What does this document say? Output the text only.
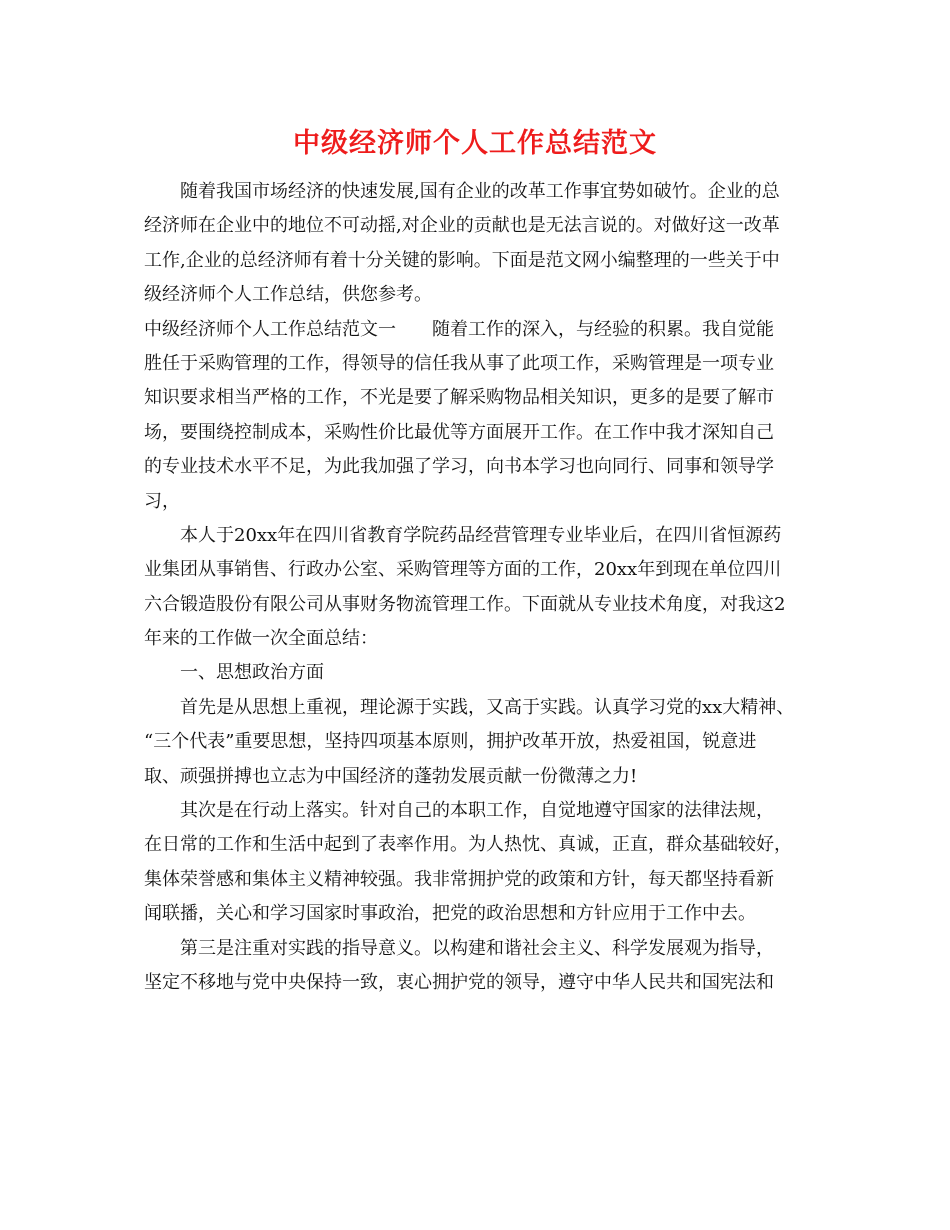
中级经济师个人工作总结范文
随着我国市场经济的快速发展,国有企业的改革工作事宜势如破竹。企业的总
经济师在企业中的地位不可动摇,对企业的贡献也是无法言说的。对做好这一改革
工作,企业的总经济师有着十分关键的影响。下面是范文网小编整理的一些关于中
级经济师个人工作总结，供您参考。
中级经济师个人工作总结范文一　　随着工作的深入，与经验的积累。我自觉能
胜任于采购管理的工作，得领导的信任我从事了此项工作，采购管理是一项专业
知识要求相当严格的工作，不光是要了解采购物品相关知识，更多的是要了解市
场，要围绕控制成本，采购性价比最优等方面展开工作。在工作中我才深知自己
的专业技术水平不足，为此我加强了学习，向书本学习也向同行、同事和领导学
习，
本人于20xx年在四川省教育学院药品经营管理专业毕业后，在四川省恒源药
业集团从事销售、行政办公室、采购管理等方面的工作，20xx年到现在单位四川
六合锻造股份有限公司从事财务物流管理工作。下面就从专业技术角度，对我这2
年来的工作做一次全面总结：
一、思想政治方面
首先是从思想上重视，理论源于实践，又高于实践。认真学习党的xx大精神、
“三个代表”重要思想，坚持四项基本原则，拥护改革开放，热爱祖国，锐意进
取、顽强拼搏也立志为中国经济的蓬勃发展贡献一份微薄之力!
其次是在行动上落实。针对自己的本职工作，自觉地遵守国家的法律法规，
在日常的工作和生活中起到了表率作用。为人热忱、真诚，正直，群众基础较好，
集体荣誉感和集体主义精神较强。我非常拥护党的政策和方针，每天都坚持看新
闻联播，关心和学习国家时事政治，把党的政治思想和方针应用于工作中去。
第三是注重对实践的指导意义。以构建和谐社会主义、科学发展观为指导，
坚定不移地与党中央保持一致，衷心拥护党的领导，遵守中华人民共和国宪法和
